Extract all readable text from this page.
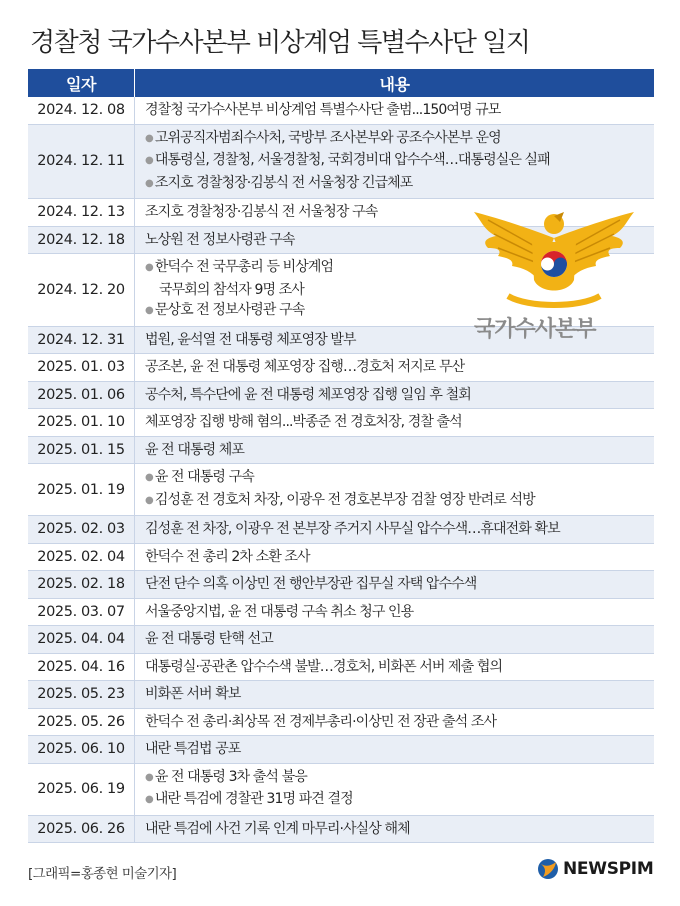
경찰청 국가수사본부 비상계엄 특별수사단 일지
일자	내용
2024. 12. 08	경찰청 국가수사본부 비상계엄 특별수사단 출범...150여명 규모
2024. 12. 11
● 고위공직자범죄수사처, 국방부 조사본부와 공조수사본부 운영
● 대통령실, 경찰청, 서울경찰청, 국회경비대 압수수색…대통령실은 실패
● 조지호 경찰청장·김봉식 전 서울청장 긴급체포
2024. 12. 13	조지호 경찰청장·김봉식 전 서울청장 구속
2024. 12. 18	노상원 전 정보사령관 구속
2024. 12. 20
● 한덕수 전 국무총리 등 비상계엄
국무회의 참석자 9명 조사
● 문상호 전 정보사령관 구속
2024. 12. 31	법원, 윤석열 전 대통령 체포영장 발부
2025. 01. 03	공조본, 윤 전 대통령 체포영장 집행…경호처 저지로 무산
2025. 01. 06	공수처, 특수단에 윤 전 대통령 체포영장 집행 일임 후 철회
2025. 01. 10	체포영장 집행 방해 혐의...박종준 전 경호처장, 경찰 출석
2025. 01. 15	윤 전 대통령 체포
2025. 01. 19
● 윤 전 대통령 구속
● 김성훈 전 경호처 차장, 이광우 전 경호본부장 검찰 영장 반려로 석방
2025. 02. 03	김성훈 전 차장, 이광우 전 본부장 주거지 사무실 압수수색…휴대전화 확보
2025. 02. 04	한덕수 전 총리 2차 소환 조사
2025. 02. 18	단전 단수 의혹 이상민 전 행안부장관 집무실 자택 압수수색
2025. 03. 07	서울중앙지법, 윤 전 대통령 구속 취소 청구 인용
2025. 04. 04	윤 전 대통령 탄핵 선고
2025. 04. 16	대통령실·공관촌 압수수색 불발…경호처, 비화폰 서버 제출 협의
2025. 05. 23	비화폰 서버 확보
2025. 05. 26	한덕수 전 총리·최상목 전 경제부총리·이상민 전 장관 출석 조사
2025. 06. 10	내란 특검법 공포
2025. 06. 19
● 윤 전 대통령 3차 출석 불응
● 내란 특검에 경찰관 31명 파견 결정
2025. 06. 26	내란 특검에 사건 기록 인계 마무리·사실상 해체
국가수사본부
[그래픽=홍종현 미술기자]	NEWSPIM
